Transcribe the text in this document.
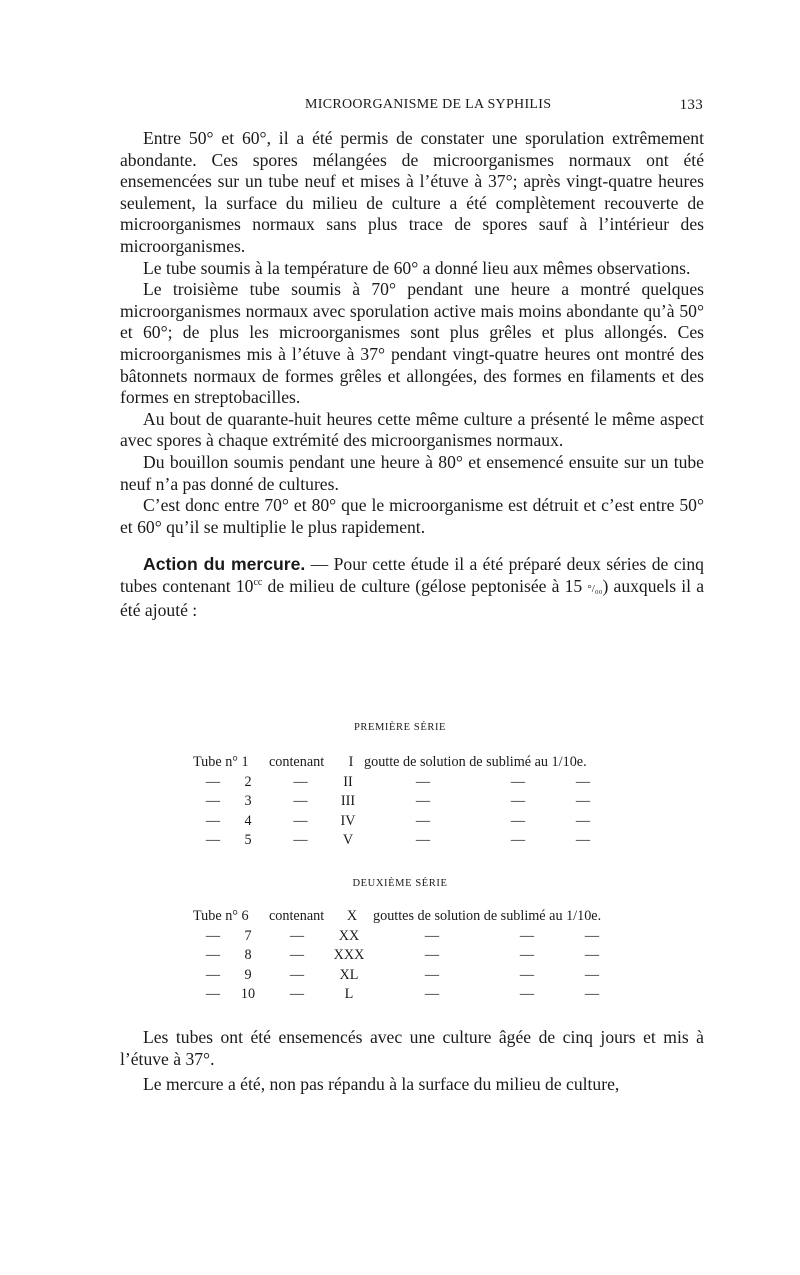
MICROORGANISME DE LA SYPHILIS	133

Entre 50° et 60°, il a été permis de constater une sporulation extrêmement abondante. Ces spores mélangées de microorganismes normaux ont été ensemencées sur un tube neuf et mises à l’étuve à 37°; après vingt-quatre heures seulement, la surface du milieu de culture a été complètement recouverte de microorganismes normaux sans plus trace de spores sauf à l’intérieur des microorganismes.

Le tube soumis à la température de 60° a donné lieu aux mêmes observations.

Le troisième tube soumis à 70° pendant une heure a montré quelques microorganismes normaux avec sporulation active mais moins abondante qu’à 50° et 60°; de plus les microorganismes sont plus grêles et plus allongés. Ces microorganismes mis à l’étuve à 37° pendant vingt-quatre heures ont montré des bâtonnets normaux de formes grêles et allongées, des formes en filaments et des formes en streptobacilles.

Au bout de quarante-huit heures cette même culture a présenté le même aspect avec spores à chaque extrémité des microorganismes normaux.

Du bouillon soumis pendant une heure à 80° et ensemencé ensuite sur un tube neuf n’a pas donné de cultures.

C’est donc entre 70° et 80° que le microorganisme est détruit et c’est entre 50° et 60° qu’il se multiplie le plus rapidement.

Action du mercure. — Pour cette étude il a été préparé deux séries de cinq tubes contenant $10^{cc}$ de milieu de culture (gélose peptonisée à 15 °/₀₀) auxquels il a été ajouté :

PREMIÈRE SÉRIE
Tube n° 1		contenant	I	goutte de solution de sublimé au 1/10e.		
—	2	—	II	—	—	—
—	3	—	III	—	—	—
—	4	—	IV	—	—	—
—	5	—	V	—	—	—
DEUXIÈME SÉRIE
Tube n° 6		contenant	X	gouttes de solution de sublimé au 1/10e.		
—	7	—	XX	—	—	—
—	8	—	XXX	—	—	—
—	9	—	XL	—	—	—
—	10	—	L	—	—	—

Les tubes ont été ensemencés avec une culture âgée de cinq jours et mis à l’étuve à 37°.

Le mercure a été, non pas répandu à la surface du milieu de culture,
